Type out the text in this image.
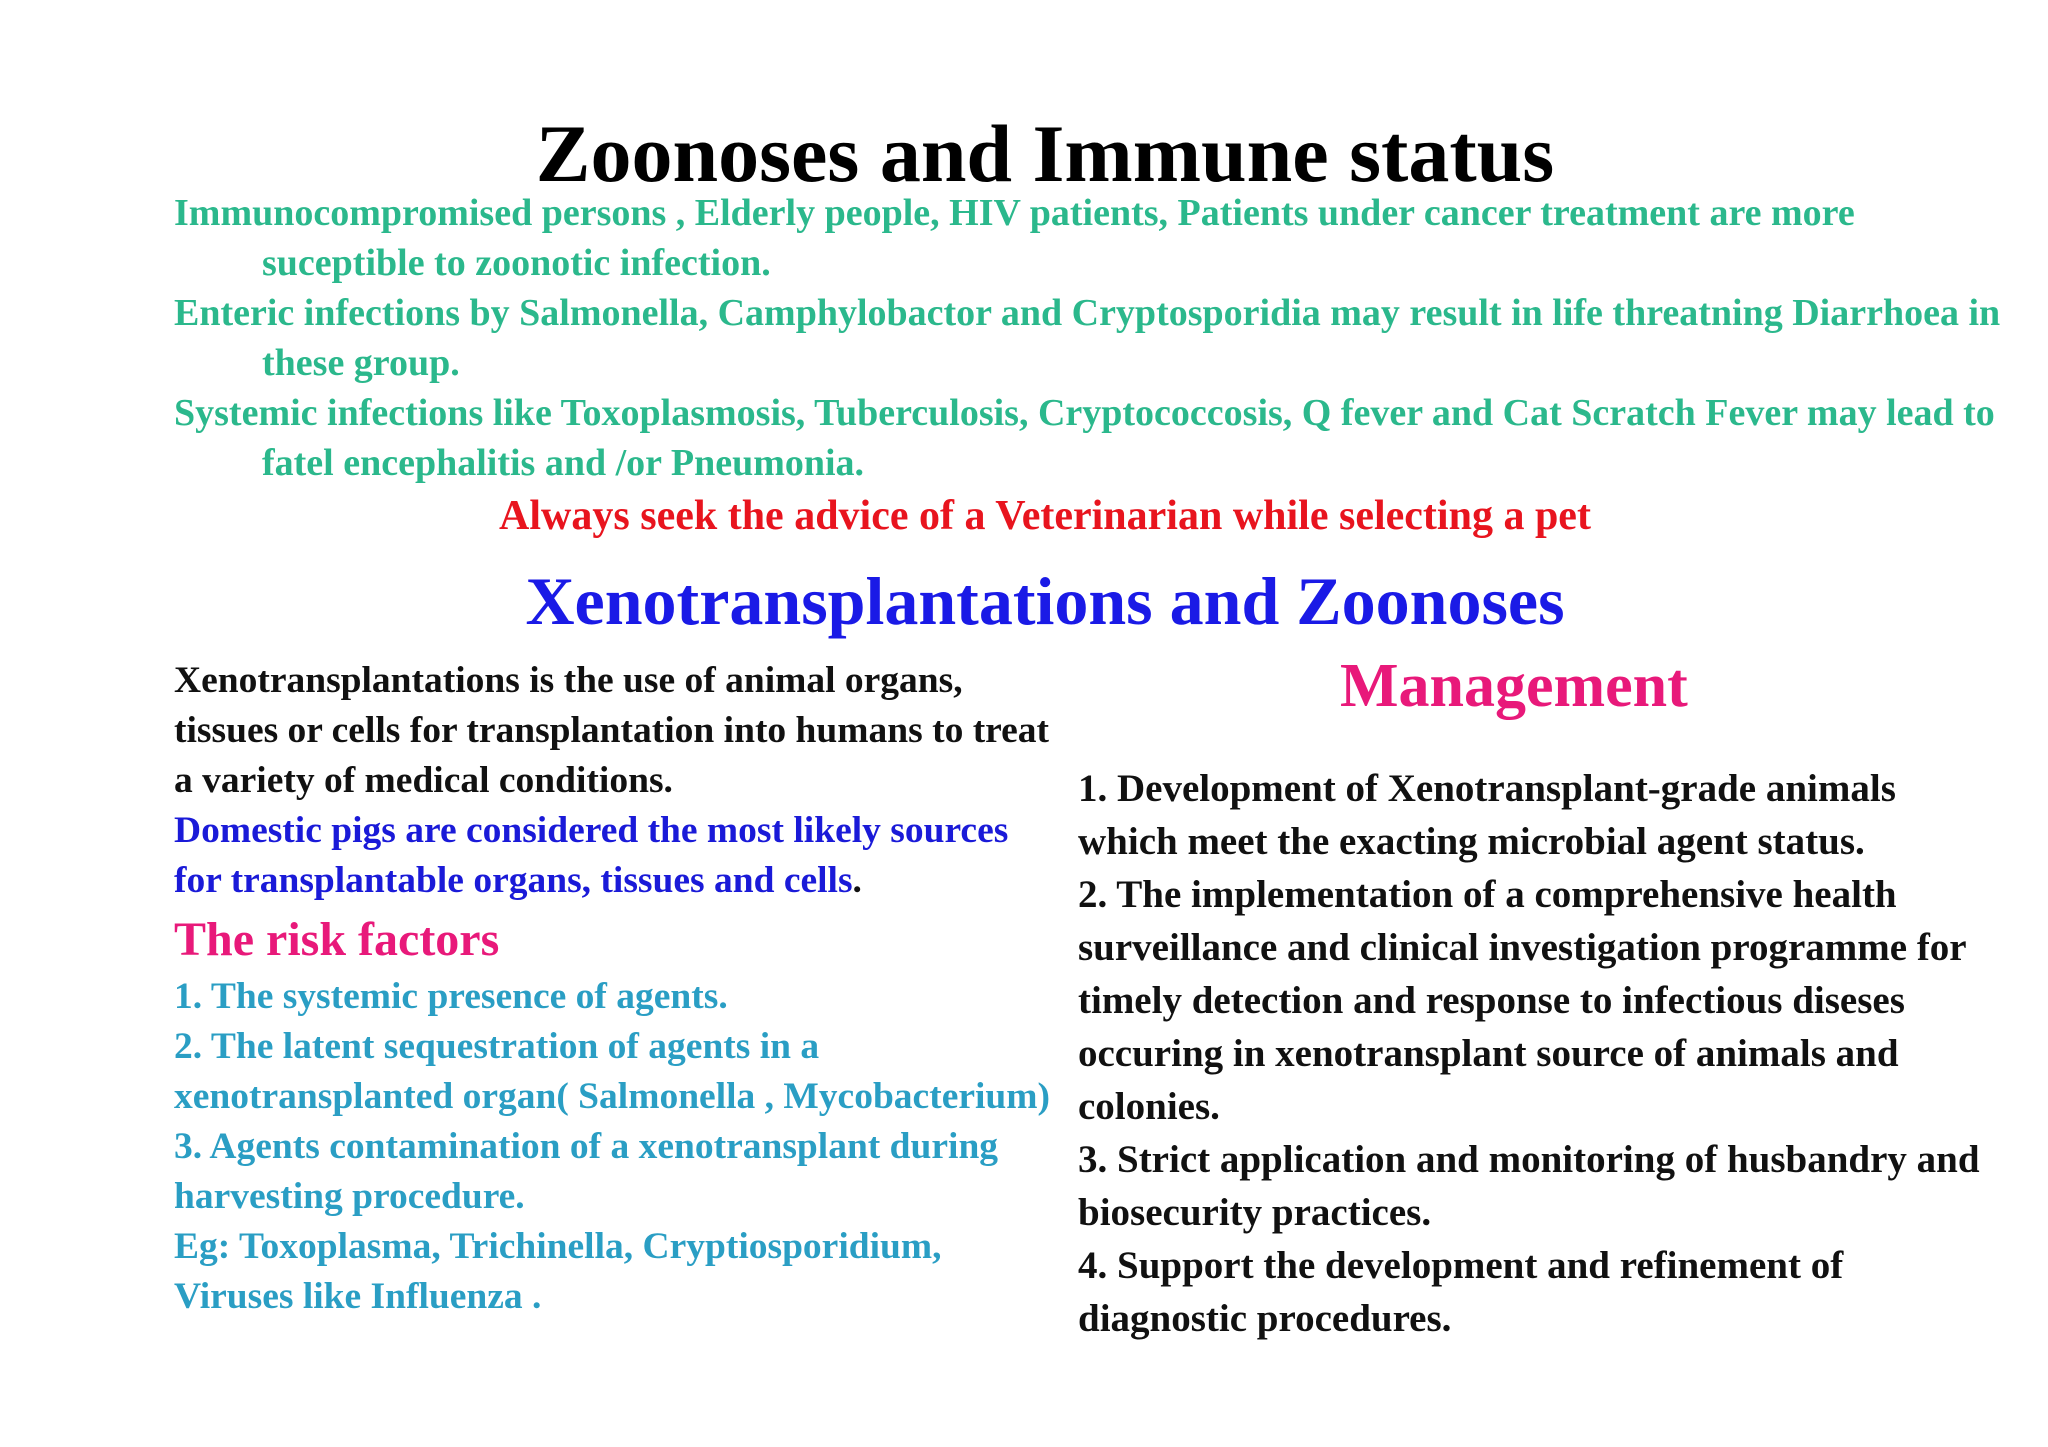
Zoonoses and Immune status

Immunocompromised persons , Elderly people, HIV patients, Patients under cancer treatment are more suceptible to zoonotic infection.

Enteric infections by Salmonella, Camphylobactor and Cryptosporidia may result in life threatning Diarrhoea in these group.

Systemic infections like Toxoplasmosis, Tuberculosis, Cryptococcosis, Q fever and Cat Scratch Fever may lead to fatel encephalitis and /or Pneumonia.

Always seek the advice of a Veterinarian while selecting a pet
Xenotransplantations and Zoonoses

Xenotransplantations is the use of animal organs, tissues or cells for transplantation into humans to treat a variety of medical conditions.

Domestic pigs are considered the most likely sources for transplantable organs, tissues and cells.

The risk factors

1. The systemic presence of agents.

2. The latent sequestration of agents in a xenotransplanted organ( Salmonella , Mycobacterium)

3. Agents contamination of a xenotransplant during harvesting procedure.

Eg: Toxoplasma, Trichinella, Cryptiosporidium, Viruses like Influenza .

Management

1. Development of Xenotransplant-grade animals which meet the exacting microbial agent status.

2. The implementation of a comprehensive health surveillance and clinical investigation programme for timely detection and response to infectious diseses occuring in xenotransplant source of animals and colonies.

3. Strict application and monitoring of husbandry and biosecurity practices.

4. Support the development and refinement of diagnostic procedures.
